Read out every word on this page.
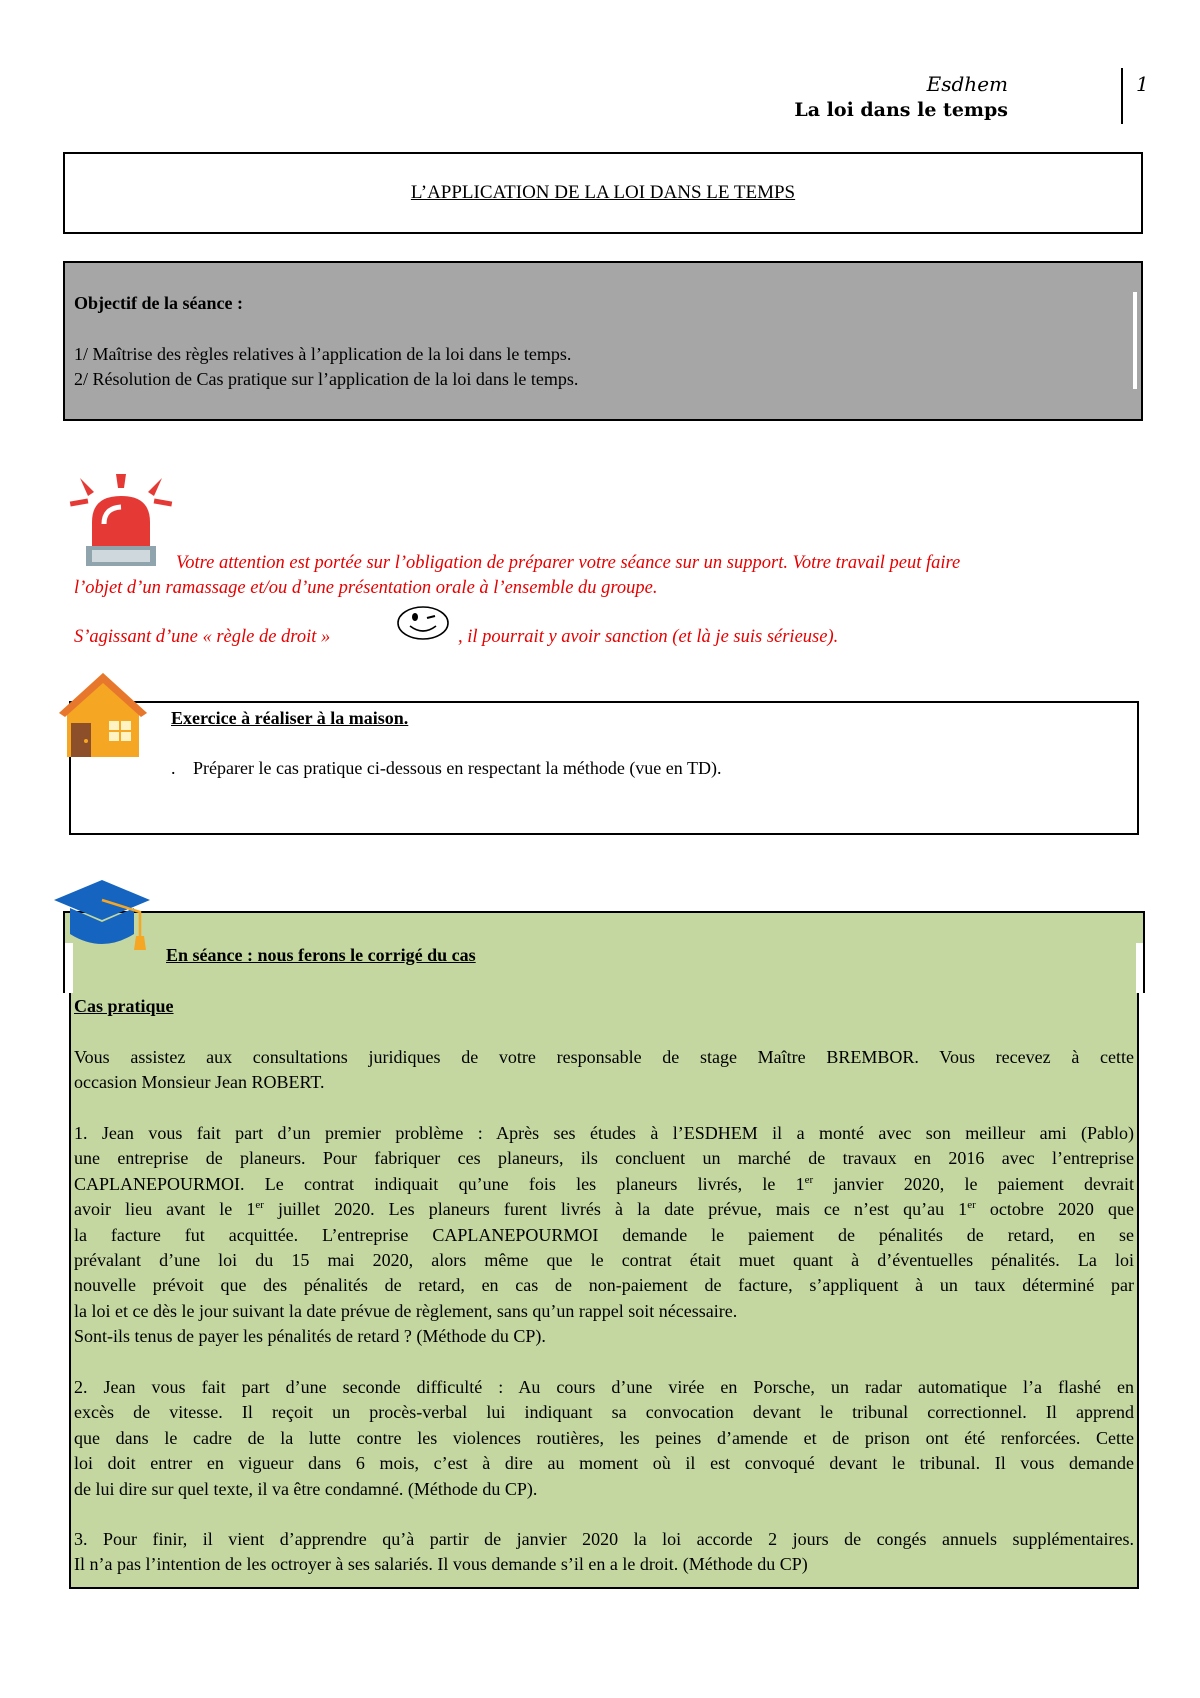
Esdhem
La loi dans le temps
1
L’APPLICATION DE LA LOI DANS LE TEMPS
Objectif de la séance :
1/ Maîtrise des règles relatives à l’application de la loi dans le temps.
2/ Résolution de Cas pratique sur l’application de la loi dans le temps.
Votre attention est portée sur l’obligation de préparer votre séance sur un support. Votre travail peut faire
l’objet d’un ramassage et/ou d’une présentation orale à l’ensemble du groupe.
S’agissant d’une « règle de droit »	, il pourrait y avoir sanction (et là je suis sérieuse).
Exercice à réaliser à la maison.
. Préparer le cas pratique ci-dessous en respectant la méthode (vue en TD).
En séance : nous ferons le corrigé du cas
Cas pratique
Vous assistez aux consultations juridiques de votre responsable de stage Maître BREMBOR. Vous recevez à cette
occasion Monsieur Jean ROBERT.
1. Jean vous fait part d’un premier problème : Après ses études à l’ESDHEM il a monté avec son meilleur ami (Pablo)
une entreprise de planeurs. Pour fabriquer ces planeurs, ils concluent un marché de travaux en 2016 avec l’entreprise
CAPLANEPOURMOI. Le contrat indiquait qu’une fois les planeurs livrés, le 1er janvier 2020, le paiement devrait
avoir lieu avant le 1er juillet 2020. Les planeurs furent livrés à la date prévue, mais ce n’est qu’au 1er octobre 2020 que
la facture fut acquittée. L’entreprise CAPLANEPOURMOI demande le paiement de pénalités de retard, en se
prévalant d’une loi du 15 mai 2020, alors même que le contrat était muet quant à d’éventuelles pénalités. La loi
nouvelle prévoit que des pénalités de retard, en cas de non-paiement de facture, s’appliquent à un taux déterminé par
la loi et ce dès le jour suivant la date prévue de règlement, sans qu’un rappel soit nécessaire.
Sont-ils tenus de payer les pénalités de retard ? (Méthode du CP).
2. Jean vous fait part d’une seconde difficulté : Au cours d’une virée en Porsche, un radar automatique l’a flashé en
excès de vitesse. Il reçoit un procès-verbal lui indiquant sa convocation devant le tribunal correctionnel. Il apprend
que dans le cadre de la lutte contre les violences routières, les peines d’amende et de prison ont été renforcées. Cette
loi doit entrer en vigueur dans 6 mois, c’est à dire au moment où il est convoqué devant le tribunal. Il vous demande
de lui dire sur quel texte, il va être condamné. (Méthode du CP).
3. Pour finir, il vient d’apprendre qu’à partir de janvier 2020 la loi accorde 2 jours de congés annuels supplémentaires.
Il n’a pas l’intention de les octroyer à ses salariés. Il vous demande s’il en a le droit. (Méthode du CP)
